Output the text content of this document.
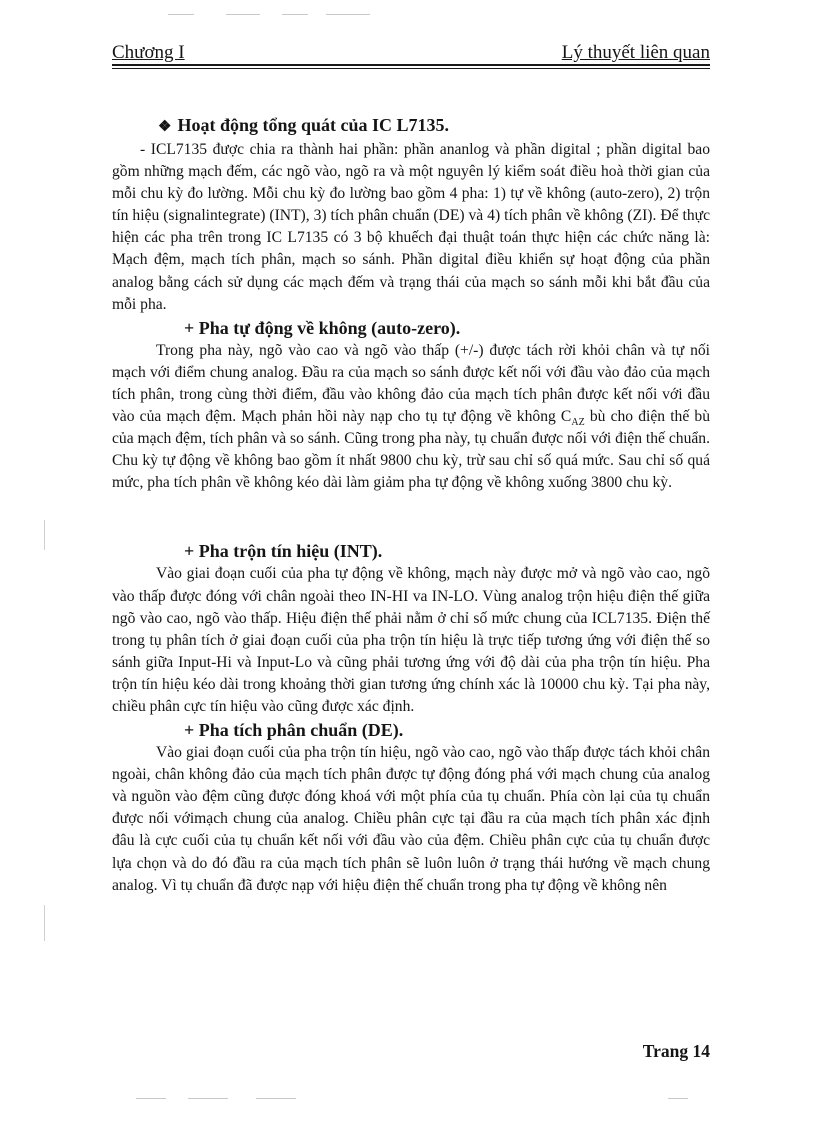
Chương I	Lý thuyết liên quan

❖ Hoạt động tổng quát của IC L7135.

- ICL7135 được chia ra thành hai phần: phần ananlog và phần digital ; phần digital bao gồm những mạch đếm, các ngõ vào, ngõ ra và một nguyên lý kiểm soát điều hoà thời gian của mỗi chu kỳ đo lường. Mỗi chu kỳ đo lường bao gồm 4 pha: 1) tự về không (auto-zero), 2) trộn tín hiệu (signalintegrate) (INT), 3) tích phân chuẩn (DE) và 4) tích phân về không (ZI). Để thực hiện các pha trên trong IC L7135 có 3 bộ khuếch đại thuật toán thực hiện các chức năng là: Mạch đệm, mạch tích phân, mạch so sánh. Phần digital điều khiển sự hoạt động của phần analog bằng cách sử dụng các mạch đếm và trạng thái của mạch so sánh mỗi khi bắt đầu của mỗi pha.

+ Pha tự động về không (auto-zero).

Trong pha này, ngõ vào cao và ngõ vào thấp (+/-) được tách rời khỏi chân và tự nối mạch với điểm chung analog. Đầu ra của mạch so sánh được kết nối với đầu vào đảo của mạch tích phân, trong cùng thời điểm, đầu vào không đảo của mạch tích phân được kết nối với đầu vào của mạch đệm. Mạch phản hồi này nạp cho tụ tự động về không $C_{AZ}$ bù cho điện thế bù của mạch đệm, tích phân và so sánh. Cũng trong pha này, tụ chuẩn được nối với điện thế chuẩn. Chu kỳ tự động về không bao gồm ít nhất 9800 chu kỳ, trừ sau chỉ số quá mức. Sau chỉ số quá mức, pha tích phân về không kéo dài làm giảm pha tự động về không xuống 3800 chu kỳ.

+ Pha trộn tín hiệu (INT).

Vào giai đoạn cuối của pha tự động về không, mạch này được mở và ngõ vào cao, ngõ vào thấp được đóng với chân ngoài theo IN-HI va IN-LO. Vùng analog trộn hiệu điện thế giữa ngõ vào cao, ngõ vào thấp. Hiệu điện thế phải nằm ở chỉ số mức chung của ICL7135. Điện thế trong tụ phân tích ở giai đoạn cuối của pha trộn tín hiệu là trực tiếp tương ứng với điện thế so sánh giữa Input-Hi và Input-Lo và cũng phải tương ứng với độ dài của pha trộn tín hiệu. Pha trộn tín hiệu kéo dài trong khoảng thời gian tương ứng chính xác là 10000 chu kỳ. Tại pha này, chiều phân cực tín hiệu vào cũng được xác định.

+ Pha tích phân chuẩn (DE).

Vào giai đoạn cuối của pha trộn tín hiệu, ngõ vào cao, ngõ vào thấp được tách khỏi chân ngoài, chân không đảo của mạch tích phân được tự động đóng phá với mạch chung của analog và nguồn vào đệm cũng được đóng khoá với một phía của tụ chuẩn. Phía còn lại của tụ chuẩn được nối vớimạch chung của analog. Chiều phân cực tại đầu ra của mạch tích phân xác định đâu là cực cuối của tụ chuẩn kết nối với đầu vào của đệm. Chiều phân cực của tụ chuẩn được lựa chọn và do đó đầu ra của mạch tích phân sẽ luôn luôn ở trạng thái hướng về mạch chung analog. Vì tụ chuẩn đã được nạp với hiệu điện thế chuẩn trong pha tự động về không nên

Trang 14
